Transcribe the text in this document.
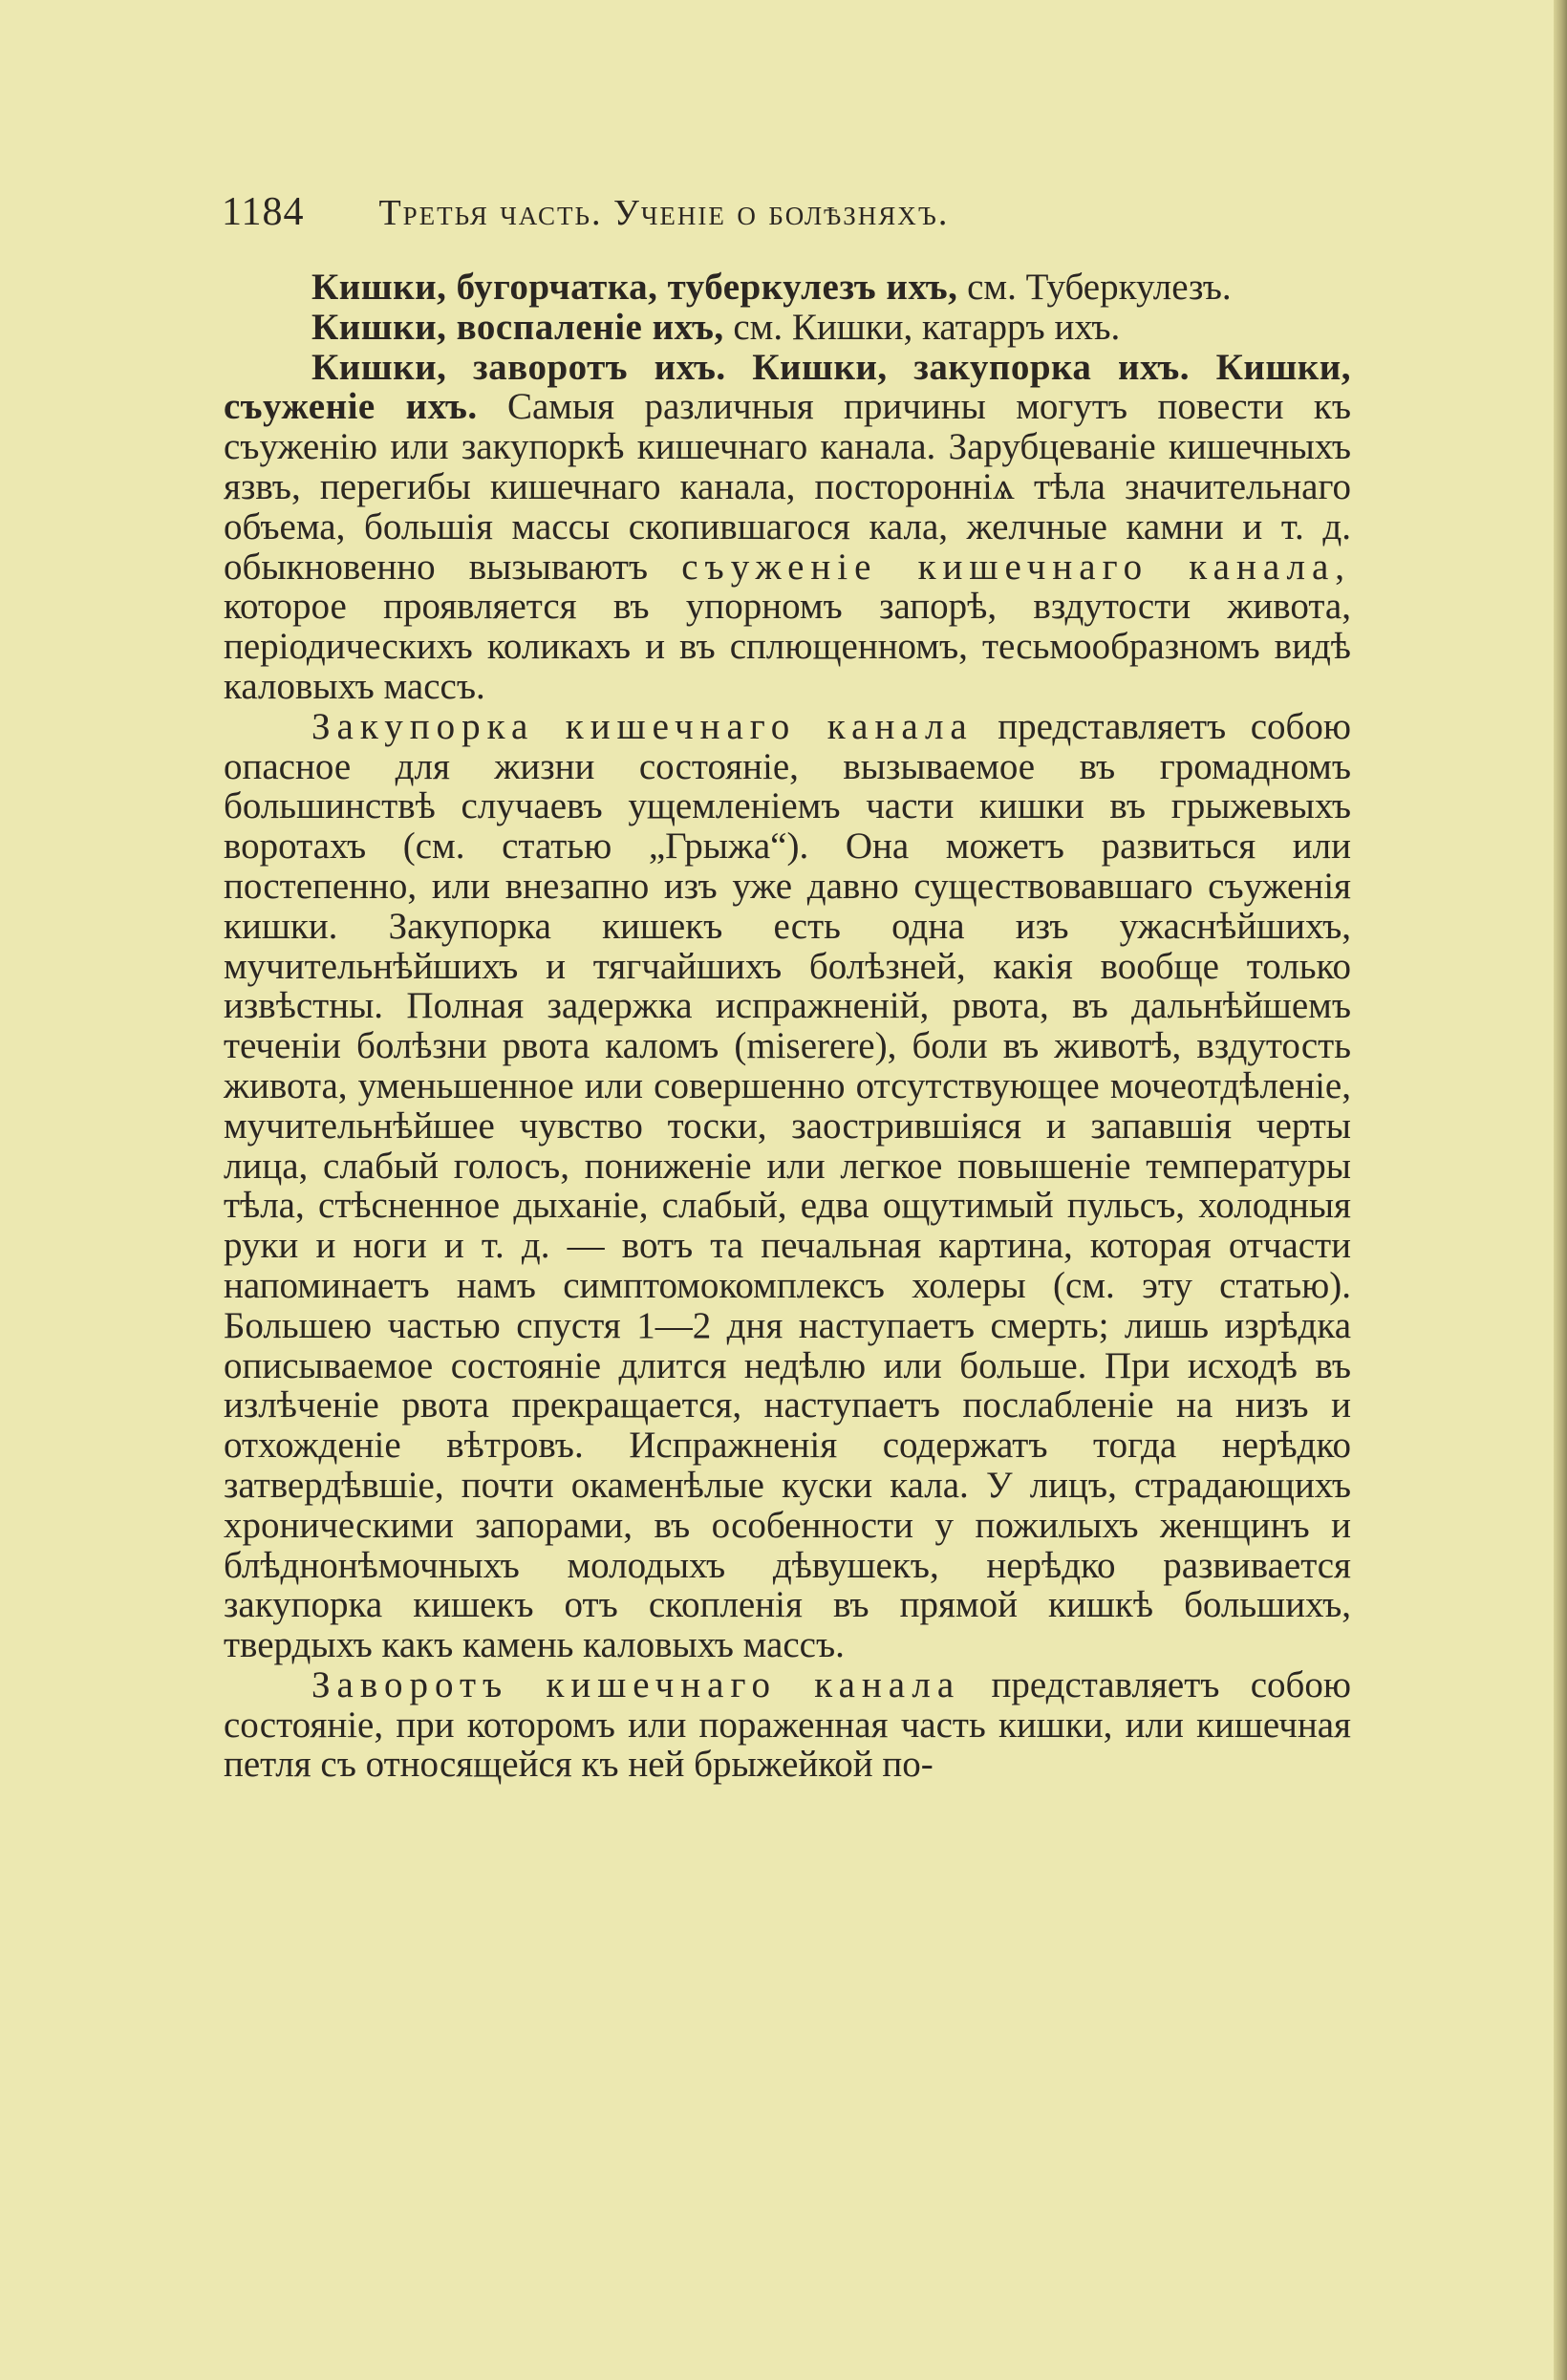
1184 Третья часть. Ученіе о болѣзняхъ.

Кишки, бугорчатка, туберкулезъ ихъ, см. Туберкулезъ.

Кишки, воспаленіе ихъ, см. Кишки, катарръ ихъ.

Кишки, заворотъ ихъ. Кишки, закупорка ихъ. Кишки, съуженіе ихъ. Самыя различныя причины могутъ повести къ съуженію или закупоркѣ кишечнаго канала. Зарубцеваніе кишечныхъ язвъ, перегибы кишечнаго канала, посторонніѧ тѣла значительнаго объема, большія массы скопившагося кала, желчные камни и т. д. обыкновенно вызываютъ съуженіе кишечнаго канала, которое проявляется въ упорномъ запорѣ, вздутости живота, періодическихъ коликахъ и въ сплющенномъ, тесьмообразномъ видѣ каловыхъ массъ.

Закупорка кишечнаго канала представляетъ собою опасное для жизни состояніе, вызываемое въ громадномъ большинствѣ случаевъ ущемленіемъ части кишки въ грыжевыхъ воротахъ (см. статью „Грыжа“). Она можетъ развиться или постепенно, или внезапно изъ уже давно существовавшаго съуженія кишки. Закупорка кишекъ есть одна изъ ужаснѣйшихъ, мучительнѣйшихъ и тягчайшихъ болѣзней, какія вообще только извѣстны. Полная задержка испражненій, рвота, въ дальнѣйшемъ теченіи болѣзни рвота каломъ (miserere), боли въ животѣ, вздутость живота, уменьшенное или совершенно отсутствующее мочеотдѣленіе, мучительнѣйшее чувство тоски, заострившіяся и запавшія черты лица, слабый голосъ, пониженіе или легкое повышеніе температуры тѣла, стѣсненное дыханіе, слабый, едва ощутимый пульсъ, холодныя руки и ноги и т. д. — вотъ та печальная картина, которая отчасти напоминаетъ намъ симптомокомплексъ холеры (см. эту статью). Большею частью спустя 1—2 дня наступаетъ смерть; лишь изрѣдка описываемое состояніе длится недѣлю или больше. При исходѣ въ излѣченіе рвота прекращается, наступаетъ послабленіе на низъ и отхожденіе вѣтровъ. Испражненія содержатъ тогда нерѣдко затвердѣвшіе, почти окаменѣлые куски кала. У лицъ, страдающихъ хроническими запорами, въ особенности у пожилыхъ женщинъ и блѣднонѣмочныхъ молодыхъ дѣвушекъ, нерѣдко развивается закупорка кишекъ отъ скопленія въ прямой кишкѣ большихъ, твердыхъ какъ камень каловыхъ массъ.

Заворотъ кишечнаго канала представляетъ собою состояніе, при которомъ или пораженная часть кишки, или кишечная петля съ относящейся къ ней брыжейкой по-
